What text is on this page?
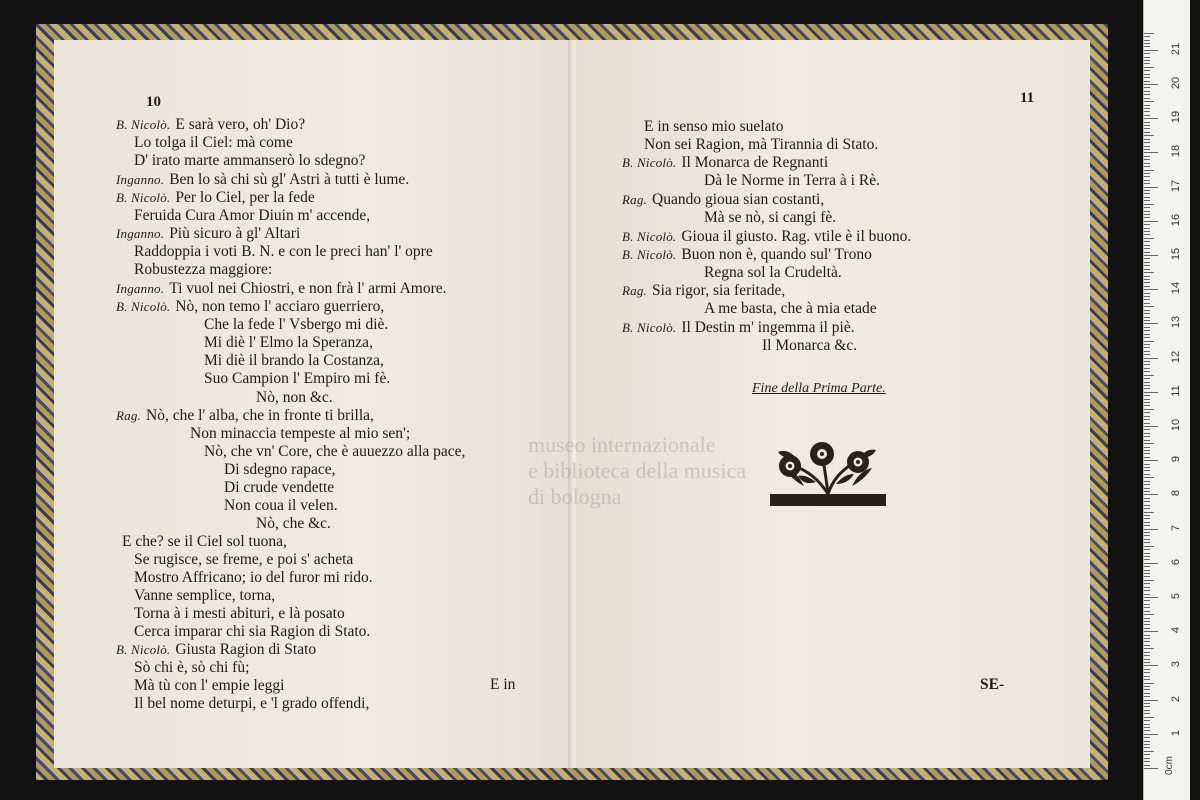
10
B. Nicolò. E sarà vero, oh' Dio?
Lo tolga il Ciel: mà come
D' irato marte ammanserò lo sdegno?
Inganno. Ben lo sà chi sù gl' Astri à tutti è lume.
B. Nicolò. Per lo Ciel, per la fede
Feruida Cura Amor Diuin m' accende,
Inganno. Più sicuro à gl' Altari
Raddoppia i voti B. N. e con le preci han' l' opre
Robustezza maggiore:
Inganno. Ti vuol nei Chiostri, e non frà l' armi Amore.
B. Nicolò. Nò, non temo l' acciaro guerriero,
Che la fede l' Vsbergo mi diè.
Mi diè l' Elmo la Speranza,
Mi diè il brando la Costanza,
Suo Campion l' Empiro mi fè.
Nò, non &c.
Rag. Nò, che l' alba, che in fronte ti brilla,
Non minaccia tempeste al mio sen';
Nò, che vn' Core, che è auuezzo alla pace,
Di sdegno rapace,
Di crude vendette
Non coua il velen.
Nò, che &c.
E che? se il Ciel sol tuona,
Se rugisce, se freme, e poi s' acheta
Mostro Affricano; io del furor mi rido.
Vanne semplice, torna,
Torna à i mesti abituri, e là posato
Cerca imparar chi sia Ragion di Stato.
B. Nicolò. Giusta Ragion di Stato
Sò chi è, sò chi fù;
Mà tù con l' empie leggi
Il bel nome deturpi, e 'l grado offendi,
E in
11
E in senso mio suelato
Non sei Ragion, mà Tirannia di Stato.
B. Nicolò. Il Monarca de Regnanti
Dà le Norme in Terra à i Rè.
Rag. Quando gioua sian costanti,
Mà se nò, si cangi fè.
B. Nicolò. Gioua il giusto. Rag. vtile è il buono.
B. Nicolò. Buon non è, quando sul' Trono
Regna sol la Crudeltà.
Rag. Sia rigor, sia feritade,
A me basta, che à mia etade
B. Nicolò. Il Destin m' ingemma il piè.
Il Monarca &c.
Fine della Prima Parte.
SE-
museo internazionale
e biblioteca della musica
di bologna
0cm
1
2
3
4
5
6
7
8
9
10
11
12
13
14
15
16
17
18
19
20
21
